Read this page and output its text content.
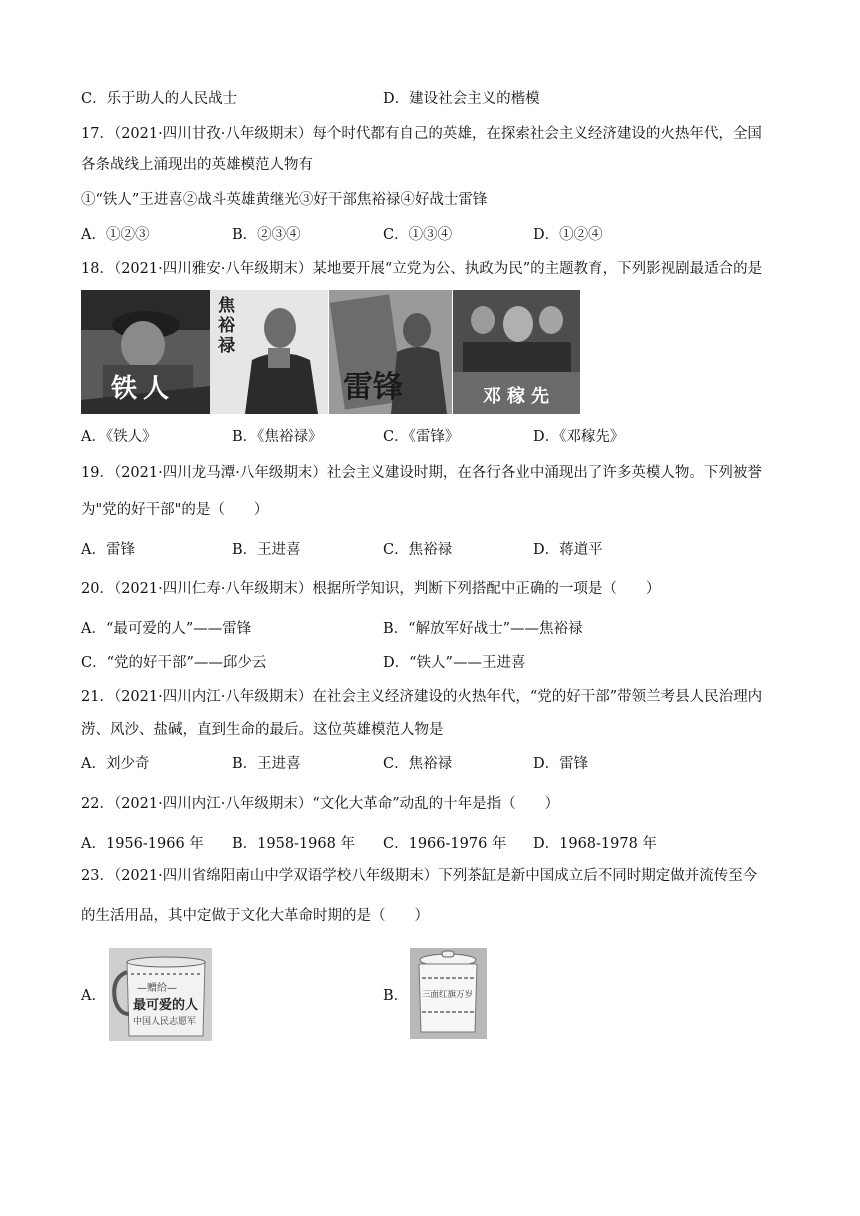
C．乐于助人的人民战士	D．建设社会主义的楷模
17．（2021·四川甘孜·八年级期末）每个时代都有自己的英雄，在探索社会主义经济建设的火热年代，全国
各条战线上涌现出的英雄模范人物有
①“铁人”王进喜②战斗英雄黄继光③好干部焦裕禄④好战士雷锋
A．①②③	B．②③④	C．①③④	D．①②④
18．（2021·四川雅安·八年级期末）某地要开展“立党为公、执政为民”的主题教育，下列影视剧最适合的是
铁人
焦裕禄
雷锋	邓稼先
A．《铁人》	B．《焦裕禄》	C．《雷锋》	D．《邓稼先》
19．（2021·四川龙马潭·八年级期末）社会主义建设时期，在各行各业中涌现出了许多英模人物。下列被誉
为"党的好干部"的是（　　）
A．雷锋	B．王进喜	C．焦裕禄	D．蒋道平
20．（2021·四川仁寿·八年级期末）根据所学知识，判断下列搭配中正确的一项是（　　）
A．“最可爱的人”——雷锋	B．“解放军好战士”——焦裕禄
C．“党的好干部”——邱少云	D．“铁人”——王进喜
21．（2021·四川内江·八年级期末）在社会主义经济建设的火热年代，“党的好干部”带领兰考县人民治理内
涝、风沙、盐碱，直到生命的最后。这位英雄模范人物是
A．刘少奇	B．王进喜	C．焦裕禄	D．雷锋
22．（2021·四川内江·八年级期末）“文化大革命”动乱的十年是指（　　）
A．1956-1966 年 B．1958-1968 年 C．1966-1976 年 D．1968-1978 年
23．（2021·四川省绵阳南山中学双语学校八年级期末）下列茶缸是新中国成立后不同时期定做并流传至今
的生活用品，其中定做于文化大革命时期的是（　　）
A．	—赠给—
最可爱的人
中国人民志愿军
B． 三面红旗万岁
